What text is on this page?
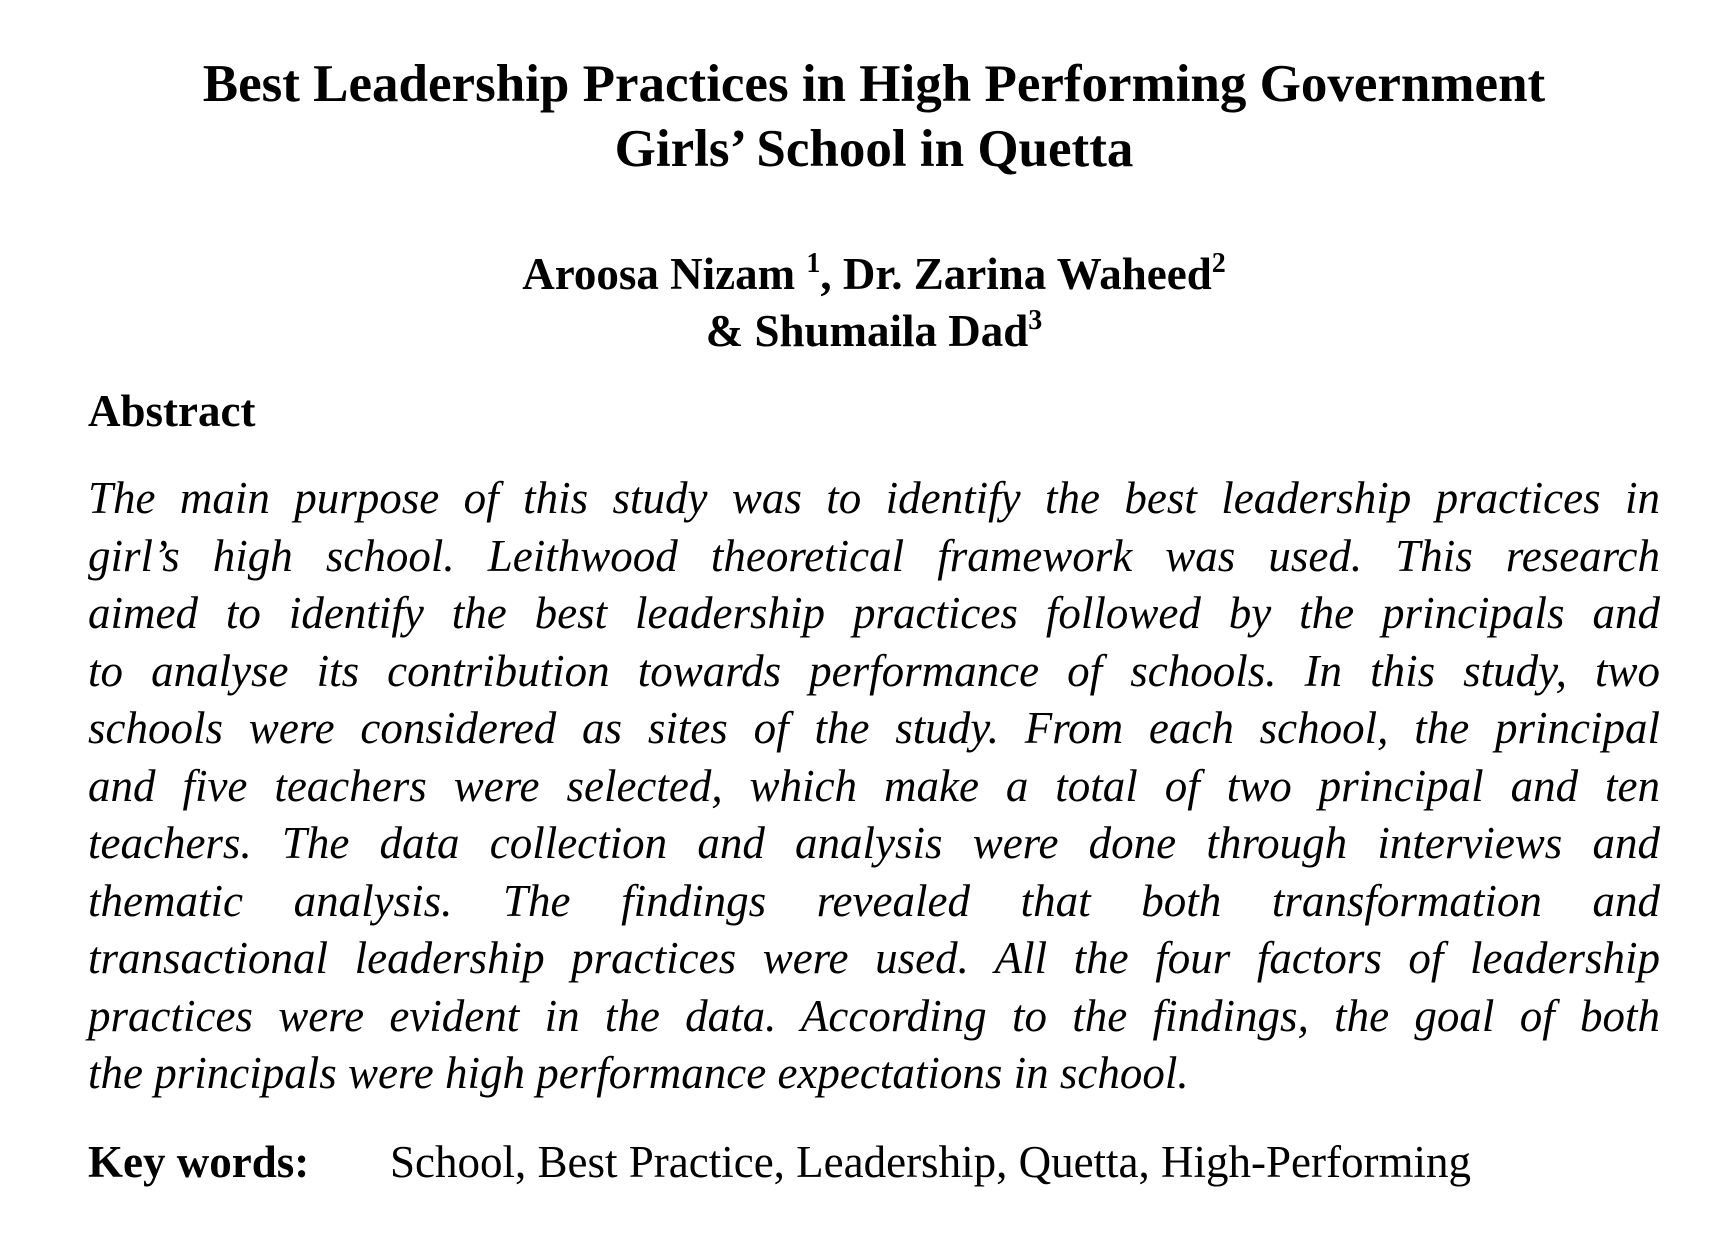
Best Leadership Practices in High Performing Government
Girls’ School in Quetta
Aroosa Nizam $^1$, Dr. Zarina Waheed$^2$
& Shumaila Dad$^3$
Abstract
The main purpose of this study was to identify the best leadership practices in
girl’s high school. Leithwood theoretical framework was used. This research
aimed to identify the best leadership practices followed by the principals and
to analyse its contribution towards performance of schools. In this study, two
schools were considered as sites of the study. From each school, the principal
and five teachers were selected, which make a total of two principal and ten
teachers. The data collection and analysis were done through interviews and
thematic analysis. The findings revealed that both transformation and
transactional leadership practices were used. All the four factors of leadership
practices were evident in the data. According to the findings, the goal of both
the principals were high performance expectations in school.
Key words: School, Best Practice, Leadership, Quetta, High-Performing
